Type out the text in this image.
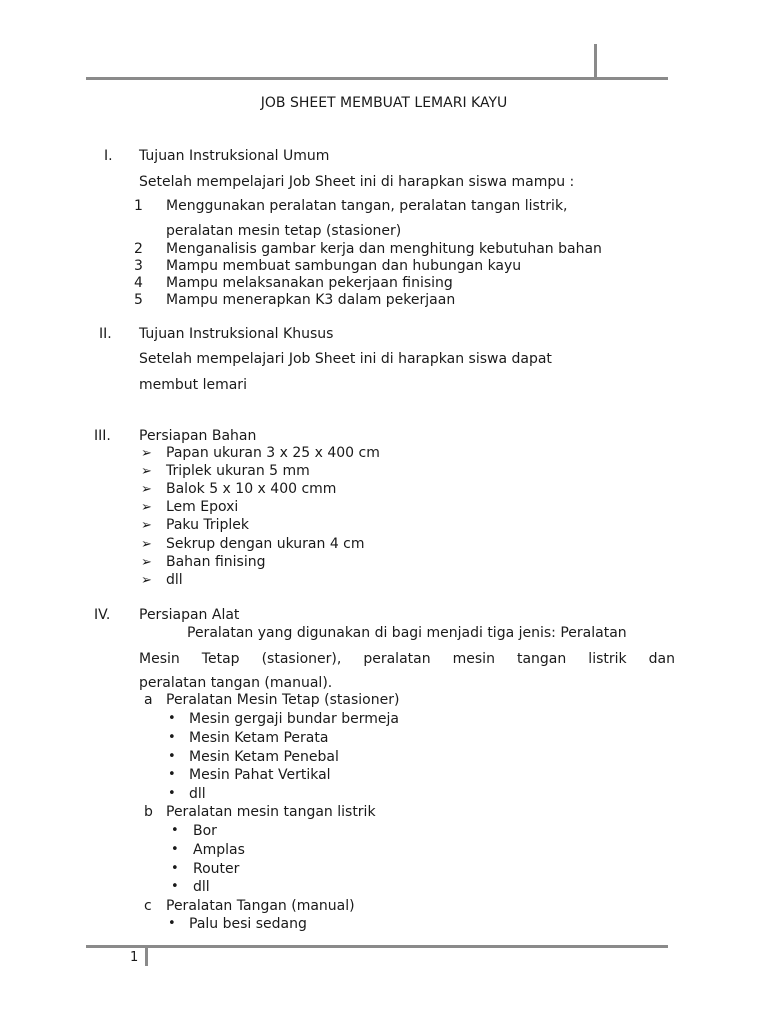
JOB SHEET MEMBUAT LEMARI KAYU
I. Tujuan Instruksional Umum
Setelah mempelajari Job Sheet ini di harapkan siswa mampu :
1 Menggunakan peralatan tangan, peralatan tangan listrik,
peralatan mesin tetap (stasioner)
2 Menganalisis gambar kerja dan menghitung kebutuhan bahan
3 Mampu membuat sambungan dan hubungan kayu
4 Mampu melaksanakan pekerjaan finising
5 Mampu menerapkan K3 dalam pekerjaan
II. Tujuan Instruksional Khusus
Setelah mempelajari Job Sheet ini di harapkan siswa dapat
membut lemari
III. Persiapan Bahan
➢ Papan ukuran 3 x 25 x 400 cm
➢ Triplek ukuran 5 mm
➢ Balok 5 x 10 x 400 cmm
➢ Lem Epoxi
➢ Paku Triplek
➢ Sekrup dengan ukuran 4 cm
➢ Bahan finising
➢ dll
IV. Persiapan Alat
Peralatan yang digunakan di bagi menjadi tiga jenis: Peralatan
Mesin Tetap (stasioner), peralatan mesin tangan listrik dan
peralatan tangan (manual).
a Peralatan Mesin Tetap (stasioner)
• Mesin gergaji bundar bermeja
• Mesin Ketam Perata
• Mesin Ketam Penebal
• Mesin Pahat Vertikal
• dll
b Peralatan mesin tangan listrik
• Bor
• Amplas
• Router
• dll
c Peralatan Tangan (manual)
• Palu besi sedang
1
